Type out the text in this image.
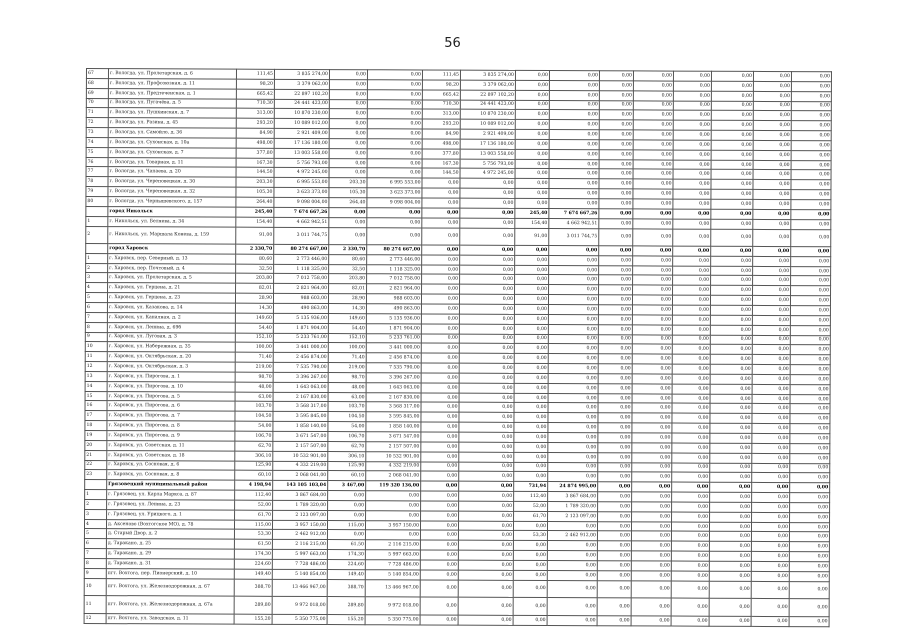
56
67	г. Вологда, ул. Пролетарская, д. 6	111,45	3 835 274,00	0,00	0,00	111,45	3 835 274,00	0,00	0,00	0,00	0,00	0,00	0,00	0,00	0,00
68	г. Вологда, ул. Профсоюзная, д. 11	98,20	3 379 062,00	0,00	0,00	98,20	3 379 062,00	0,00	0,00	0,00	0,00	0,00	0,00	0,00	0,00
69	г. Вологда, ул. Предтеченская, д. 1	665,42	22 897 102,20	0,00	0,00	665,42	22 897 102,20	0,00	0,00	0,00	0,00	0,00	0,00	0,00	0,00
70	г. Вологда, ул. Пугачёва, д. 5	710,30	24 441 423,00	0,00	0,00	710,30	24 441 423,00	0,00	0,00	0,00	0,00	0,00	0,00	0,00	0,00
71	г. Вологда, ул. Пушкинская, д. 7	313,00	10 870 230,00	0,00	0,00	313,00	10 870 230,00	0,00	0,00	0,00	0,00	0,00	0,00	0,00	0,00
72	г. Вологда, ул. Разина, д. 45	293,20	10 089 012,00	0,00	0,00	293,20	10 089 012,00	0,00	0,00	0,00	0,00	0,00	0,00	0,00	0,00
73	г. Вологда, ул. Самойло, д. 36	84,90	2 921 409,00	0,00	0,00	84,90	2 921 409,00	0,00	0,00	0,00	0,00	0,00	0,00	0,00	0,00
74	г. Вологда, ул. Сухонская, д. 10а	498,00	17 136 180,00	0,00	0,00	498,00	17 136 180,00	0,00	0,00	0,00	0,00	0,00	0,00	0,00	0,00
75	г. Вологда, ул. Сухонская, д. 7	377,80	13 003 558,00	0,00	0,00	377,80	13 003 558,00	0,00	0,00	0,00	0,00	0,00	0,00	0,00	0,00
76	г. Вологда, ул. Товарная, д. 11	167,30	5 756 793,00	0,00	0,00	167,30	5 756 793,00	0,00	0,00	0,00	0,00	0,00	0,00	0,00	0,00
77	г. Вологда, ул. Чапаева, д. 20	144,50	4 972 245,00	0,00	0,00	144,50	4 972 245,00	0,00	0,00	0,00	0,00	0,00	0,00	0,00	0,00
78	г. Вологда, ул. Череповецкая, д. 30	203,30	6 995 553,00	203,30	6 995 553,00	0,00	0,00	0,00	0,00	0,00	0,00	0,00	0,00	0,00	0,00
79	г. Вологда, ул. Череповецкая, д. 32	105,30	3 623 373,00	105,30	3 623 373,00	0,00	0,00	0,00	0,00	0,00	0,00	0,00	0,00	0,00	0,00
80	г. Вологда, ул. Чернышевского, д. 157	264,40	9 098 004,00	264,40	9 098 004,00	0,00	0,00	0,00	0,00	0,00	0,00	0,00	0,00	0,00	0,00
	город Никольск	245,40	7 674 667,26	0,00	0,00	0,00	0,00	245,40	7 674 667,26	0,00	0,00	0,00	0,00	0,00	0,00
1	г. Никольск, ул. Беляева, д. 34	154,40	4 662 942,51	0,00	0,00	0,00	0,00	154,40	4 662 942,51	0,00	0,00	0,00	0,00	0,00	0,00
2	г. Никольск, ул. Маршала Конева, д. 159	91,00	3 011 744,75	0,00	0,00	0,00	0,00	91,00	3 011 744,75	0,00	0,00	0,00	0,00	0,00	0,00
	город Харовск	2 330,70	80 274 667,00	2 330,70	80 274 667,00	0,00	0,00	0,00	0,00	0,00	0,00	0,00	0,00	0,00	0,00
1	г. Харовск, пер. Северный, д. 13	80,60	2 773 446,00	80,60	2 773 446,00	0,00	0,00	0,00	0,00	0,00	0,00	0,00	0,00	0,00	0,00
2	г. Харовск, пер. Почтовый, д. 4	32,50	1 118 325,00	32,50	1 118 325,00	0,00	0,00	0,00	0,00	0,00	0,00	0,00	0,00	0,00	0,00
3	г. Харовск, ул. Пролетарская, д. 5	203,80	7 012 758,00	203,80	7 012 758,00	0,00	0,00	0,00	0,00	0,00	0,00	0,00	0,00	0,00	0,00
4	г. Харовск, ул. Герцена, д. 21	82,01	2 821 964,00	82,01	2 821 964,00	0,00	0,00	0,00	0,00	0,00	0,00	0,00	0,00	0,00	0,00
5	г. Харовск, ул. Герцена, д. 23	28,90	988 603,00	28,90	988 603,00	0,00	0,00	0,00	0,00	0,00	0,00	0,00	0,00	0,00	0,00
6	г. Харовск, ул. Казакова, д. 14	14,30	490 863,00	14,30	490 863,00	0,00	0,00	0,00	0,00	0,00	0,00	0,00	0,00	0,00	0,00
7	г. Харовск, ул. Каналная, д. 2	149,60	5 135 936,00	149,60	5 135 936,00	0,00	0,00	0,00	0,00	0,00	0,00	0,00	0,00	0,00	0,00
8	г. Харовск, ул. Ленина, д. 69б	54,40	1 871 904,00	54,40	1 871 904,00	0,00	0,00	0,00	0,00	0,00	0,00	0,00	0,00	0,00	0,00
9	г. Харовск, ул. Луговая, д. 3	152,10	5 233 761,00	152,10	5 233 761,00	0,00	0,00	0,00	0,00	0,00	0,00	0,00	0,00	0,00	0,00
10	г. Харовск, ул. Набережная, д. 35	100,00	3 441 000,00	100,00	3 441 000,00	0,00	0,00	0,00	0,00	0,00	0,00	0,00	0,00	0,00	0,00
11	г. Харовск, ул. Октябрьская, д. 20	71,40	2 456 874,00	71,40	2 456 874,00	0,00	0,00	0,00	0,00	0,00	0,00	0,00	0,00	0,00	0,00
12	г. Харовск, ул. Октябрьская, д. 3	219,00	7 535 790,00	219,00	7 535 790,00	0,00	0,00	0,00	0,00	0,00	0,00	0,00	0,00	0,00	0,00
13	г. Харовск, ул. Пирогова, д. 1	98,70	3 396 267,00	98,70	3 396 267,00	0,00	0,00	0,00	0,00	0,00	0,00	0,00	0,00	0,00	0,00
14	г. Харовск, ул. Пирогова, д. 10	48,00	1 643 063,00	48,00	1 643 063,00	0,00	0,00	0,00	0,00	0,00	0,00	0,00	0,00	0,00	0,00
15	г. Харовск, ул. Пирогова, д. 5	63,00	2 167 830,00	63,00	2 167 830,00	0,00	0,00	0,00	0,00	0,00	0,00	0,00	0,00	0,00	0,00
16	г. Харовск, ул. Пирогова, д. 6	103,70	3 568 317,00	103,70	3 568 317,00	0,00	0,00	0,00	0,00	0,00	0,00	0,00	0,00	0,00	0,00
17	г. Харовск, ул. Пирогова, д. 7	104,50	3 595 845,00	104,50	3 595 845,00	0,00	0,00	0,00	0,00	0,00	0,00	0,00	0,00	0,00	0,00
18	г. Харовск, ул. Пирогова, д. 8	54,00	1 858 140,00	54,00	1 858 140,00	0,00	0,00	0,00	0,00	0,00	0,00	0,00	0,00	0,00	0,00
19	г. Харовск, ул. Пирогова, д. 9	106,70	3 671 547,00	106,70	3 671 547,00	0,00	0,00	0,00	0,00	0,00	0,00	0,00	0,00	0,00	0,00
20	г. Харовск, ул. Советская, д. 11	62,70	2 157 507,00	62,70	2 157 507,00	0,00	0,00	0,00	0,00	0,00	0,00	0,00	0,00	0,00	0,00
21	г. Харовск, ул. Советская, д. 18	306,10	10 532 901,00	306,10	10 532 901,00	0,00	0,00	0,00	0,00	0,00	0,00	0,00	0,00	0,00	0,00
22	г. Харовск, ул. Сосновая, д. 6	125,90	4 332 219,00	125,90	4 332 219,00	0,00	0,00	0,00	0,00	0,00	0,00	0,00	0,00	0,00	0,00
23	г. Харовск, ул. Сосновая, д. 8	60,10	2 068 041,00	60,10	2 068 041,00	0,00	0,00	0,00	0,00	0,00	0,00	0,00	0,00	0,00	0,00
	Грязовецкий муниципальный район	4 198,94	143 105 103,04	3 467,00	119 320 136,00	0,00	0,00	731,94	24 874 995,00	0,00	0,00	0,00	0,00	0,00	0,00
1	г. Грязовец, ул. Карла Маркса, д. 87	112,40	3 867 684,00	0,00	0,00	0,00	0,00	112,40	3 867 684,00	0,00	0,00	0,00	0,00	0,00	0,00
2	г. Грязовец, ул. Ленина, д. 23	52,00	1 789 320,00	0,00	0,00	0,00	0,00	52,00	1 789 320,00	0,00	0,00	0,00	0,00	0,00	0,00
3	г. Грязовец, ул. Урицкого, д. 1	61,70	2 123 097,00	0,00	0,00	0,00	0,00	61,70	2 123 097,00	0,00	0,00	0,00	0,00	0,00	0,00
4	д. Аксеново (Вохтогское МО), д. 78	115,00	3 957 150,00	115,00	3 957 150,00	0,00	0,00	0,00	0,00	0,00	0,00	0,00	0,00	0,00	0,00
5	д. Старый Двор, д. 2	53,30	2 462 912,00	0,00	0,00	0,00	0,00	53,30	2 462 912,00	0,00	0,00	0,00	0,00	0,00	0,00
6	д. Таракано, д. 25	61,50	2 116 215,00	61,50	2 116 215,00	0,00	0,00	0,00	0,00	0,00	0,00	0,00	0,00	0,00	0,00
7	д. Таракано, д. 29	174,30	5 997 663,00	174,30	5 997 663,00	0,00	0,00	0,00	0,00	0,00	0,00	0,00	0,00	0,00	0,00
8	д. Таракано, д. 31	224,60	7 728 486,00	224,60	7 728 486,00	0,00	0,00	0,00	0,00	0,00	0,00	0,00	0,00	0,00	0,00
9	пгт. Вохтога, пер. Пионерский, д. 10	149,40	5 140 854,00	149,40	5 140 854,00	0,00	0,00	0,00	0,00	0,00	0,00	0,00	0,00	0,00	0,00
10	пгт. Вохтога, ул. Железнодорожная, д. 67	388,70	13 466 967,00	388,70	13 466 967,00	0,00	0,00	0,00	0,00	0,00	0,00	0,00	0,00	0,00	0,00
11	пгт. Вохтога, ул. Железнодорожная, д. 67а	289,80	9 972 018,00	289,80	9 972 018,00	0,00	0,00	0,00	0,00	0,00	0,00	0,00	0,00	0,00	0,00
12	пгт. Вохтога, ул. Заводская, д. 11	155,20	5 350 775,00	155,20	5 350 775,00	0,00	0,00	0,00	0,00	0,00	0,00	0,00	0,00	0,00	0,00
